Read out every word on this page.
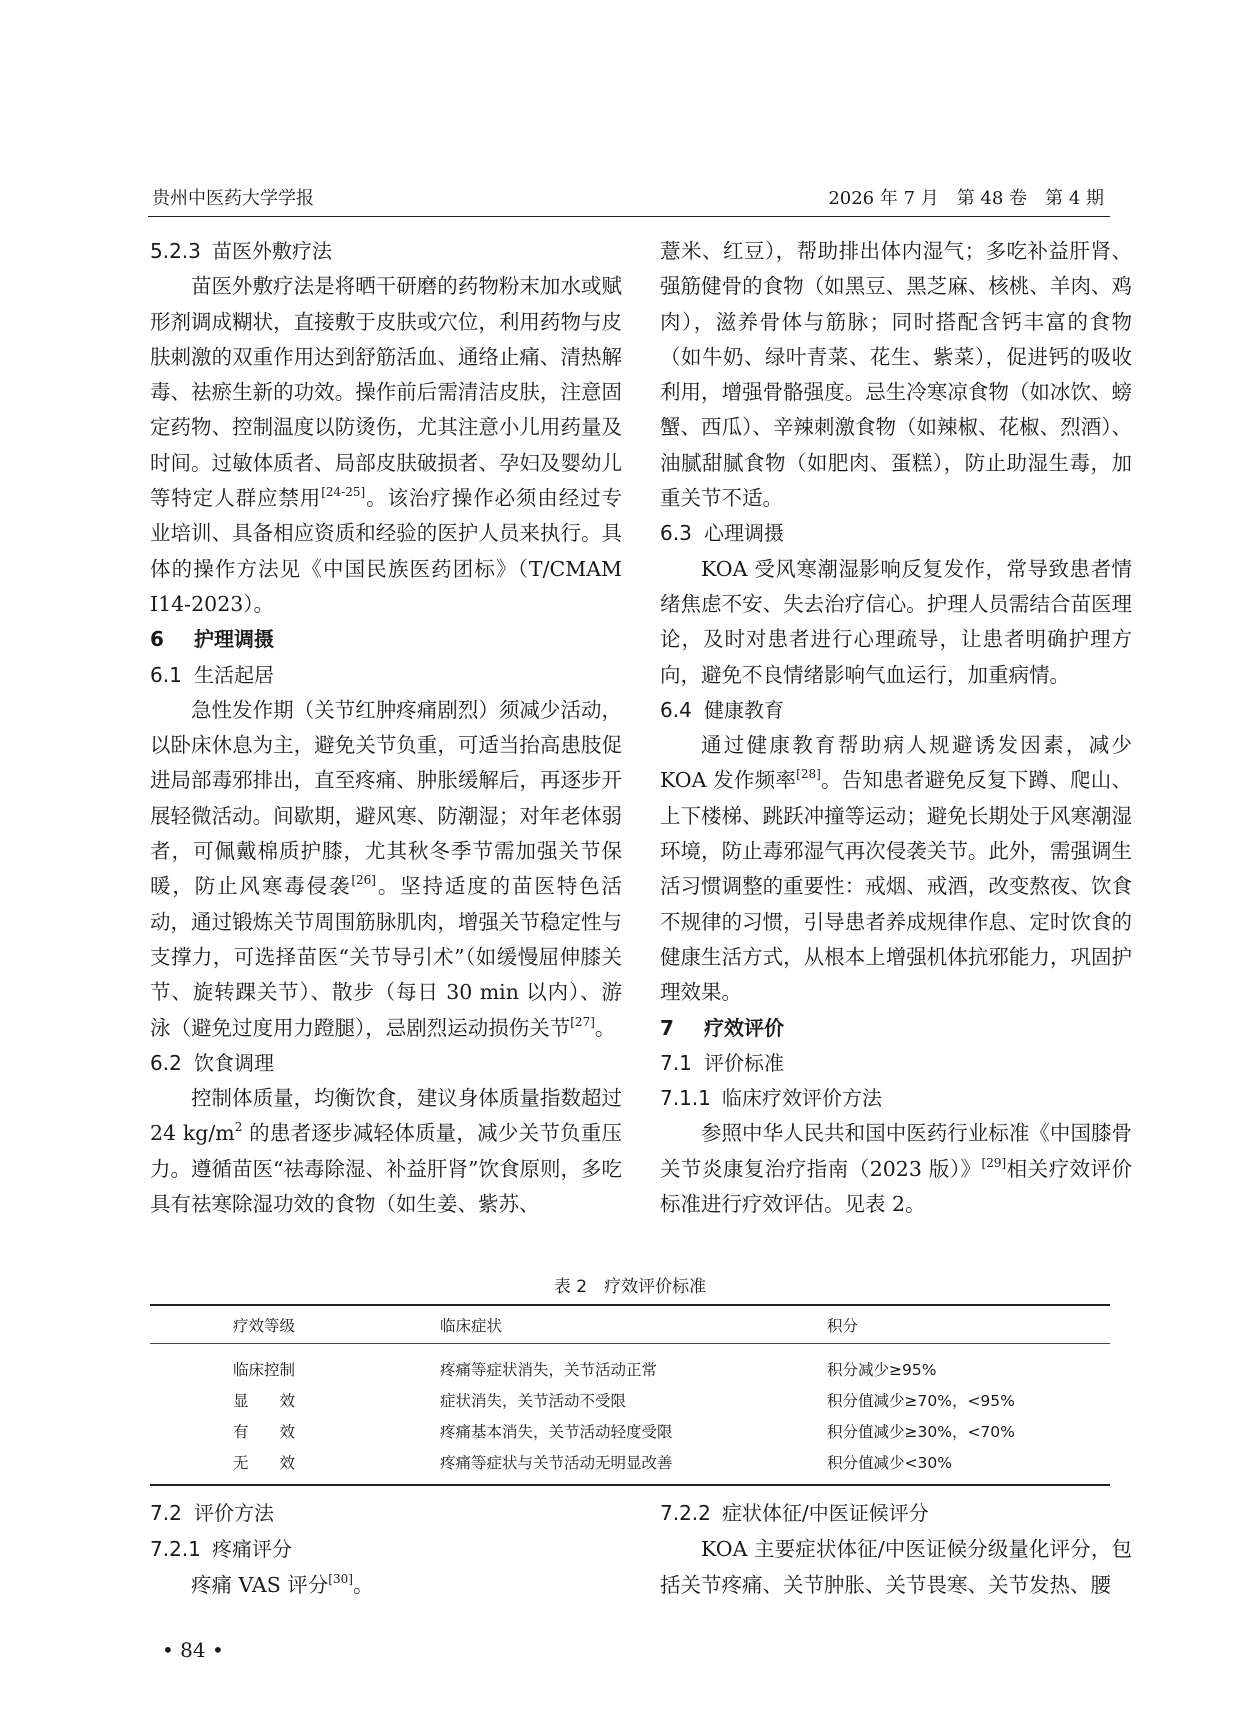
贵州中医药大学学报	2026 年 7 月　第 48 卷　第 4 期

5.2.3 苗医外敷疗法

苗医外敷疗法是将晒干研磨的药物粉末加水或赋形剂调成糊状，直接敷于皮肤或穴位，利用药物与皮肤刺激的双重作用达到舒筋活血、通络止痛、清热解毒、祛瘀生新的功效。操作前后需清洁皮肤，注意固定药物、控制温度以防烫伤，尤其注意小儿用药量及时间。过敏体质者、局部皮肤破损者、孕妇及婴幼儿等特定人群应禁用[24-25]。该治疗操作必须由经过专业培训、具备相应资质和经验的医护人员来执行。具体的操作方法见《中国民族医药团标》（T/CMAM I14-2023）。

6 护理调摄

6.1 生活起居

急性发作期（关节红肿疼痛剧烈）须减少活动，以卧床休息为主，避免关节负重，可适当抬高患肢促进局部毒邪排出，直至疼痛、肿胀缓解后，再逐步开展轻微活动。间歇期，避风寒、防潮湿；对年老体弱者，可佩戴棉质护膝，尤其秋冬季节需加强关节保暖，防止风寒毒侵袭[26]。坚持适度的苗医特色活动，通过锻炼关节周围筋脉肌肉，增强关节稳定性与支撑力，可选择苗医“关节导引术”（如缓慢屈伸膝关节、旋转踝关节）、散步（每日 30 min 以内）、游泳（避免过度用力蹬腿），忌剧烈运动损伤关节[27]。

6.2 饮食调理

控制体质量，均衡饮食，建议身体质量指数超过 24 $kg/m^2$ 的患者逐步减轻体质量，减少关节负重压力。遵循苗医“祛毒除湿、补益肝肾”饮食原则，多吃具有祛寒除湿功效的食物（如生姜、紫苏、

薏米、红豆），帮助排出体内湿气；多吃补益肝肾、强筋健骨的食物（如黑豆、黑芝麻、核桃、羊肉、鸡肉），滋养骨体与筋脉；同时搭配含钙丰富的食物（如牛奶、绿叶青菜、花生、紫菜），促进钙的吸收利用，增强骨骼强度。忌生冷寒凉食物（如冰饮、螃蟹、西瓜）、辛辣刺激食物（如辣椒、花椒、烈酒）、油腻甜腻食物（如肥肉、蛋糕），防止助湿生毒，加重关节不适。

6.3 心理调摄

KOA 受风寒潮湿影响反复发作，常导致患者情绪焦虑不安、失去治疗信心。护理人员需结合苗医理论，及时对患者进行心理疏导，让患者明确护理方向，避免不良情绪影响气血运行，加重病情。

6.4 健康教育

通过健康教育帮助病人规避诱发因素，减少 KOA 发作频率[28]。告知患者避免反复下蹲、爬山、上下楼梯、跳跃冲撞等运动；避免长期处于风寒潮湿环境，防止毒邪湿气再次侵袭关节。此外，需强调生活习惯调整的重要性：戒烟、戒酒，改变熬夜、饮食不规律的习惯，引导患者养成规律作息、定时饮食的健康生活方式，从根本上增强机体抗邪能力，巩固护理效果。

7 疗效评价

7.1 评价标准

7.1.1 临床疗效评价方法

参照中华人民共和国中医药行业标准《中国膝骨关节炎康复治疗指南（2023 版）》[29]相关疗效评价标准进行疗效评估。见表 2。

表 2　疗效评价标准
疗效等级	临床症状	积分
临床控制	疼痛等症状消失，关节活动正常	积分减少≥95%
显　　效	症状消失，关节活动不受限	积分值减少≥70%，<95%
有　　效	疼痛基本消失，关节活动轻度受限	积分值减少≥30%，<70%
无　　效	疼痛等症状与关节活动无明显改善	积分值减少<30%

7.2 评价方法

7.2.1 疼痛评分

疼痛 VAS 评分[30]。

7.2.2 症状体征/中医证候评分

KOA 主要症状体征/中医证候分级量化评分，包括关节疼痛、关节肿胀、关节畏寒、关节发热、腰

• 84 •
